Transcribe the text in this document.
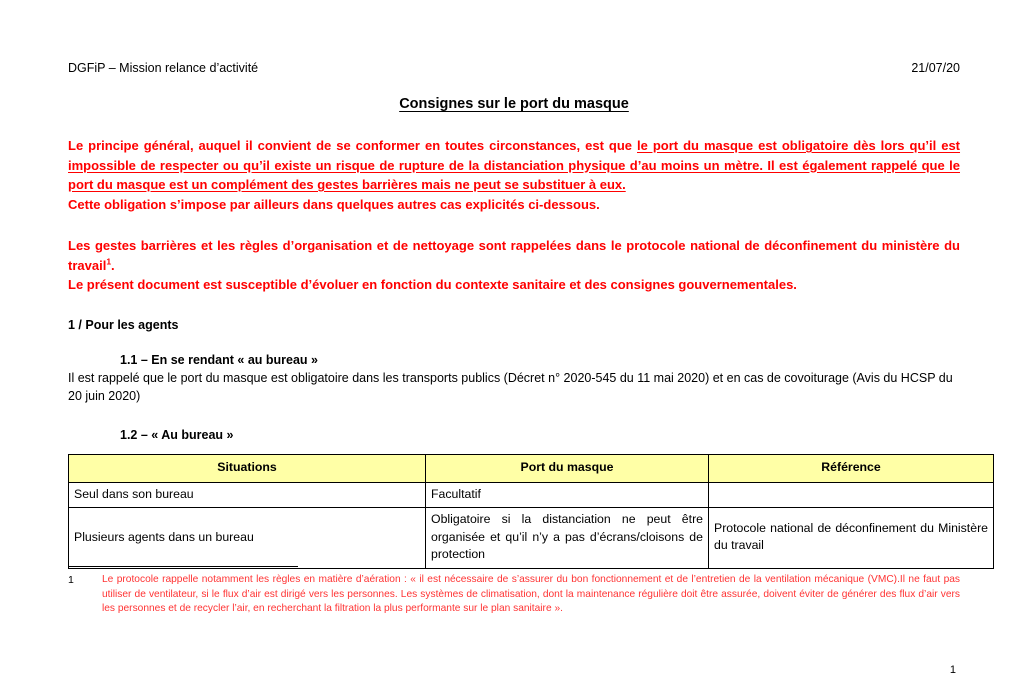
DGFiP – Mission relance d’activité	21/07/20
Consignes sur le port du masque

Le principe général, auquel il convient de se conformer en toutes circonstances, est que le port du masque est obligatoire dès lors qu’il est impossible de respecter ou qu’il existe un risque de rupture de la distanciation physique d’au moins un mètre. Il est également rappelé que le port du masque est un complément des gestes barrières mais ne peut se substituer à eux.

Cette obligation s’impose par ailleurs dans quelques autres cas explicités ci-dessous.

Les gestes barrières et les règles d’organisation et de nettoyage sont rappelées dans le protocole national de déconfinement du ministère du travail$^1$.

Le présent document est susceptible d’évoluer en fonction du contexte sanitaire et des consignes gouvernementales.

1 / Pour les agents

1.1 – En se rendant « au bureau »

Il est rappelé que le port du masque est obligatoire dans les transports publics (Décret n° 2020-545 du 11 mai 2020) et en cas de covoiturage (Avis du HCSP du 20 juin 2020)

1.2 – « Au bureau »

Situations	Port du masque	Référence
Seul dans son bureau	Facultatif	
Plusieurs agents dans un bureau	Obligatoire si la distanciation ne peut être organisée et qu’il n’y a pas d’écrans/cloisons de protection	Protocole national de déconfinement du Ministère du travail
1	Le protocole rappelle notamment les règles en matière d’aération : « il est nécessaire de s’assurer du bon fonctionnement et de l’entretien de la ventilation mécanique (VMC).Il ne faut pas utiliser de ventilateur, si le flux d’air est dirigé vers les personnes. Les systèmes de climatisation, dont la maintenance régulière doit être assurée, doivent éviter de générer des flux d’air vers les personnes et de recycler l’air, en recherchant la filtration la plus performante sur le plan sanitaire ».
1
